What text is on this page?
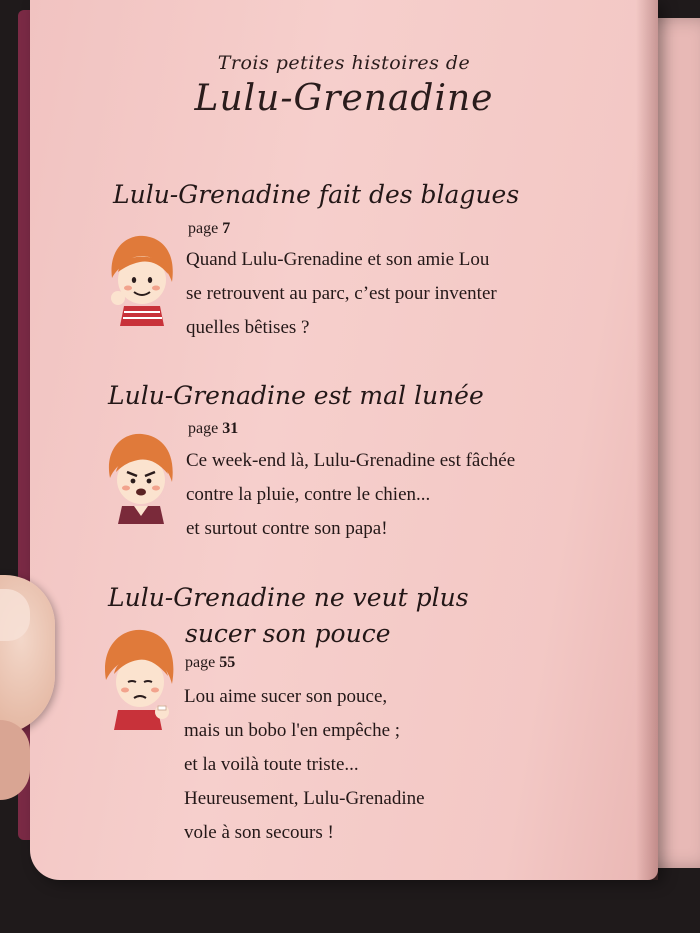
Trois petites histoires de
Lulu-Grenadine
Lulu-Grenadine fait des blagues
page 7
Quand Lulu-Grenadine et son amie Lou
se retrouvent au parc, c’est pour inventer
quelles bêtises ?
Lulu-Grenadine est mal lunée
page 31
Ce week-end là, Lulu-Grenadine est fâchée
contre la pluie, contre le chien...
et surtout contre son papa!
Lulu-Grenadine ne veut plus
sucer son pouce
page 55
Lou aime sucer son pouce,
mais un bobo l'en empêche ;
et la voilà toute triste...
Heureusement, Lulu-Grenadine
vole à son secours !
